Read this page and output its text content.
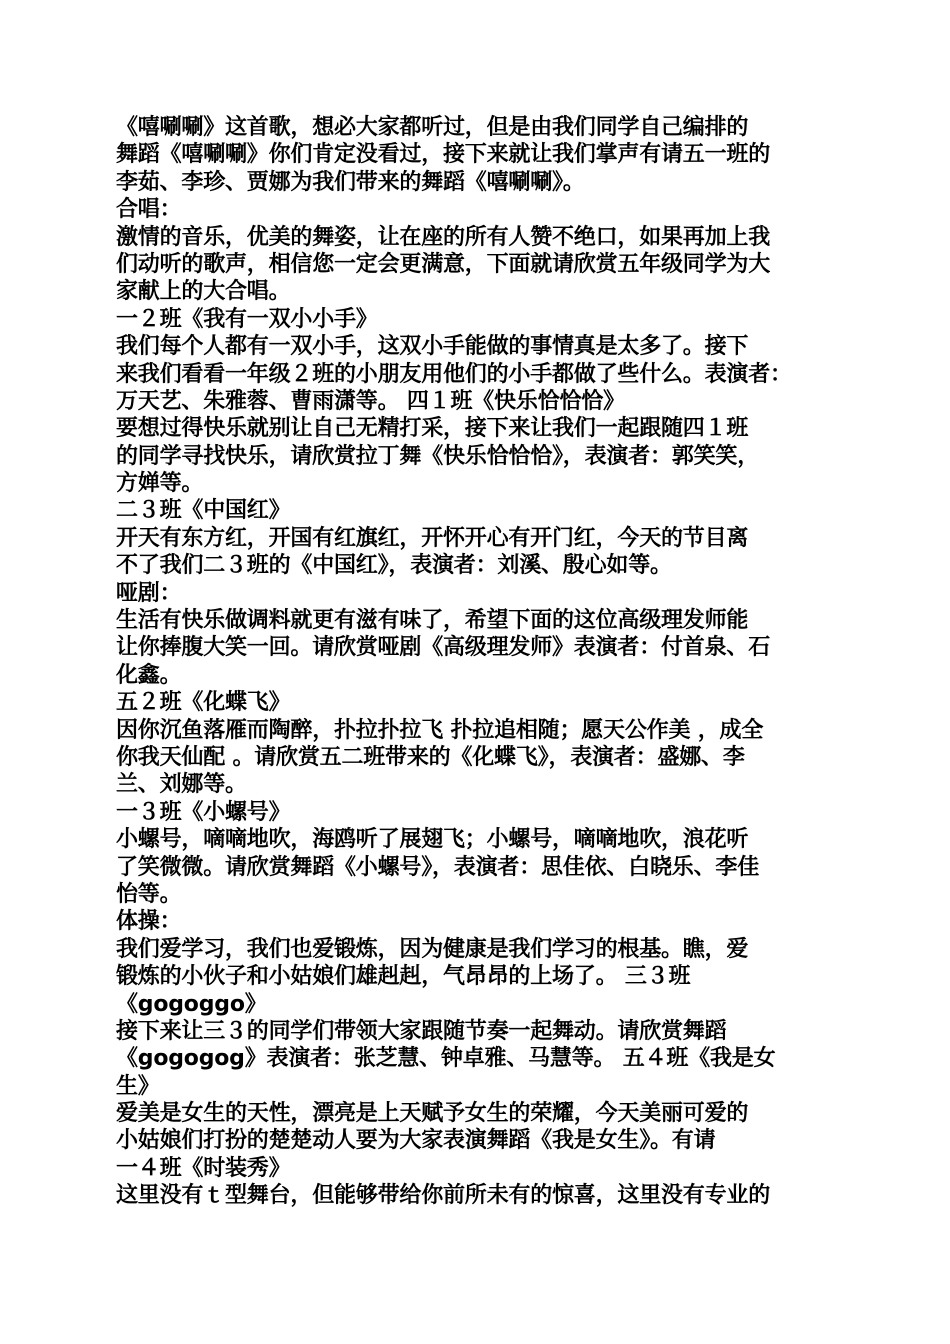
《嘻唰唰》这首歌，想必大家都听过，但是由我们同学自己编排的
舞蹈《嘻唰唰》你们肯定没看过，接下来就让我们掌声有请五一班的
李茹、李珍、贾娜为我们带来的舞蹈《嘻唰唰》。
合唱：
激情的音乐，优美的舞姿，让在座的所有人赞不绝口，如果再加上我
们动听的歌声，相信您一定会更满意，下面就请欣赏五年级同学为大
家献上的大合唱。
一２班《我有一双小小手》
我们每个人都有一双小手，这双小手能做的事情真是太多了。接下
来我们看看一年级２班的小朋友用他们的小手都做了些什么。表演者：
万天艺、朱雅蓉、曹雨潇等。 四１班《快乐恰恰恰》
要想过得快乐就别让自己无精打采，接下来让我们一起跟随四１班
的同学寻找快乐，请欣赏拉丁舞《快乐恰恰恰》，表演者：郭笑笑，
方婵等。
二３班《中国红》
开天有东方红，开国有红旗红，开怀开心有开门红，今天的节目离
不了我们二３班的《中国红》，表演者：刘溪、殷心如等。
哑剧：
生活有快乐做调料就更有滋有味了，希望下面的这位高级理发师能
让你捧腹大笑一回。请欣赏哑剧《高级理发师》表演者：付首泉、石
化鑫。
五２班《化蝶飞》
因你沉鱼落雁而陶醉，扑拉扑拉飞 扑拉追相随；愿天公作美 ，成全
你我天仙配 。请欣赏五二班带来的《化蝶飞》，表演者：盛娜、李
兰、刘娜等。
一３班《小螺号》
小螺号，嘀嘀地吹，海鸥听了展翅飞；小螺号，嘀嘀地吹，浪花听
了笑微微。请欣赏舞蹈《小螺号》，表演者：思佳依、白晓乐、李佳
怡等。
体操：
我们爱学习，我们也爱锻炼，因为健康是我们学习的根基。瞧，爱
锻炼的小伙子和小姑娘们雄赳赳，气昂昂的上场了。 三３班
《gogoggo》
接下来让三３的同学们带领大家跟随节奏一起舞动。请欣赏舞蹈
《gogogog》表演者：张芝慧、钟卓雅、马慧等。 五４班《我是女
生》
爱美是女生的天性，漂亮是上天赋予女生的荣耀，今天美丽可爱的
小姑娘们打扮的楚楚动人要为大家表演舞蹈《我是女生》。有请
一４班《时装秀》
这里没有ｔ型舞台，但能够带给你前所未有的惊喜，这里没有专业的
